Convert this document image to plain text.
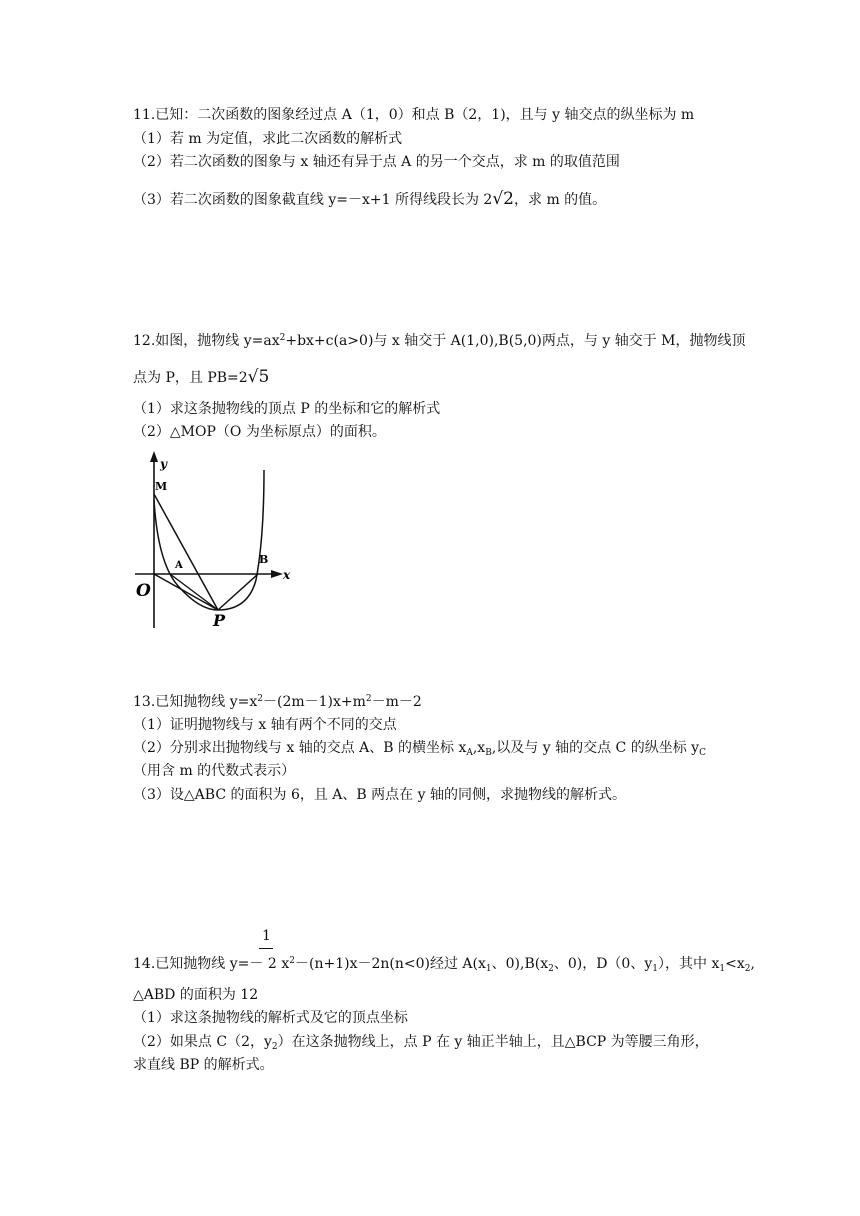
11.已知：二次函数的图象经过点 A（1，0）和点 B（2，1)，且与 y 轴交点的纵坐标为 m
（1）若 m 为定值，求此二次函数的解析式
（2）若二次函数的图象与 x 轴还有异于点 A 的另一个交点，求 m 的取值范围
（3）若二次函数的图象截直线 y=－x+1 所得线段长为 2√2，求 m 的值。
12.如图，抛物线 $y=ax^2+bx+c(a>0)$与 x 轴交于 A(1,0),B(5,0)两点，与 y 轴交于 M，抛物线顶
点为 P，且 PB=2√5
（1）求这条抛物线的顶点 P 的坐标和它的解析式
（2）△MOP（O 为坐标原点）的面积。
y
M
A	B
x
O
P
13.已知抛物线 $y=x^2-(2m-1)x+m^2-m-2$
（1）证明抛物线与 x 轴有两个不同的交点
（2）分别求出抛物线与 x 轴的交点 A、B 的横坐标 $x_A,x_B$,以及与 y 轴的交点 C 的纵坐标 $y_C$
（用含 m 的代数式表示）
（3）设△ABC 的面积为 6，且 A、B 两点在 y 轴的同侧，求抛物线的解析式。
1
14.已知抛物线 y=－ 2 $x^2-(n+1)x-2n(n<0)$经过 $A(x_1$、$0),B(x_2$、0)，D（0、$y_1$），其中 $x_1<x_2$,
△ABD 的面积为 12
（1）求这条抛物线的解析式及它的顶点坐标
（2）如果点 C（2，$y_2$）在这条抛物线上，点 P 在 y 轴正半轴上，且△BCP 为等腰三角形，
求直线 BP 的解析式。
